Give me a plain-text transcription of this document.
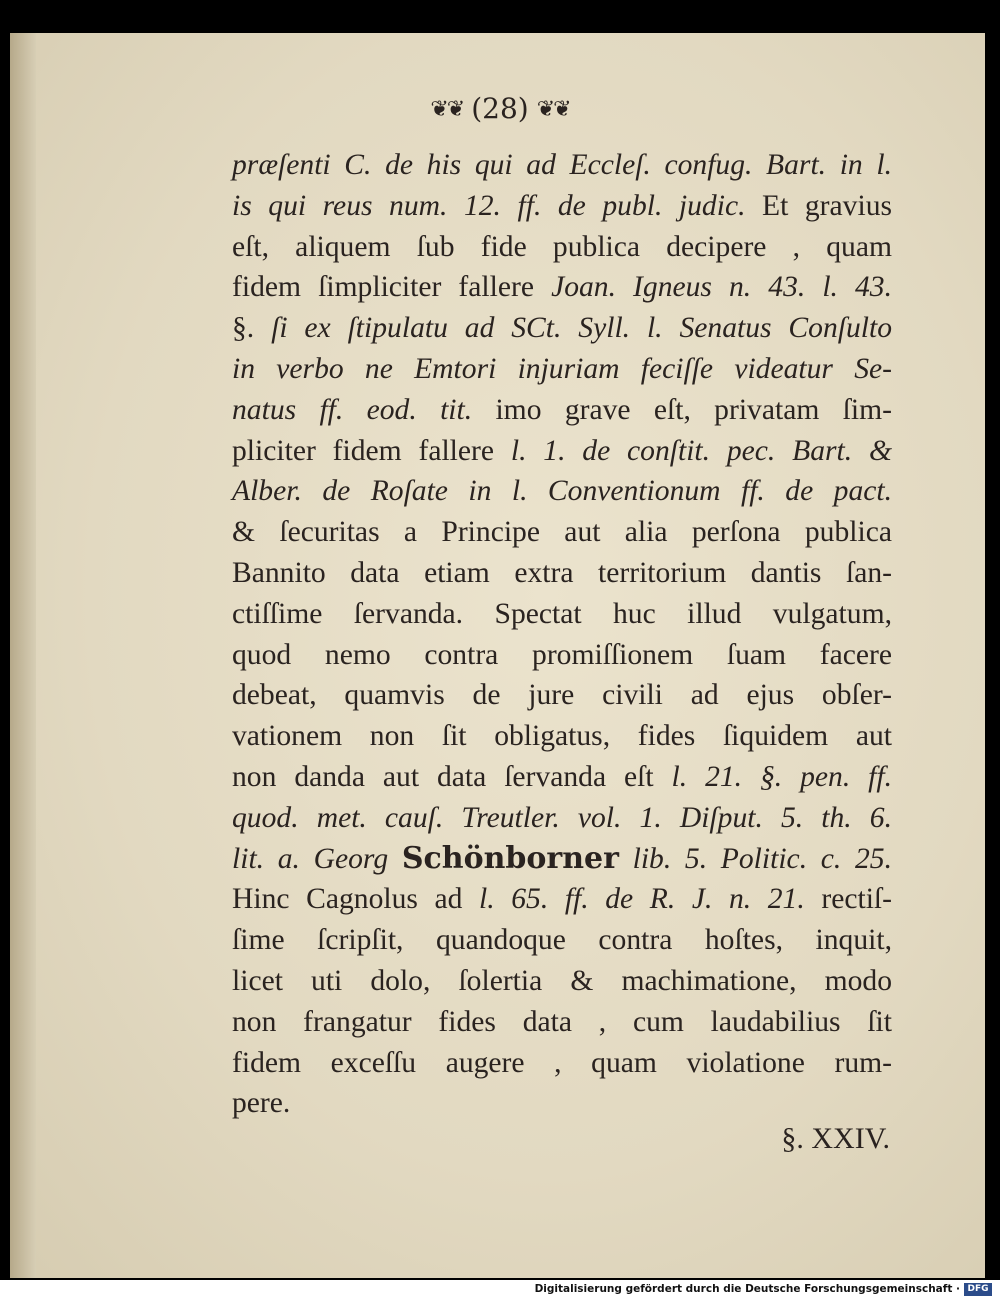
❦❦ (28) ❦❦
præſenti C. de his qui ad Eccleſ. confug. Bart. in l.
is qui reus num. 12. ff. de publ. judic. Et gravius
eſt, aliquem ſub fide publica decipere , quam
fidem ſimpliciter fallere Joan. Igneus n. 43. l. 43.
§. ſi ex ſtipulatu ad SCt. Syll. l. Senatus Conſulto
in verbo ne Emtori injuriam feciſſe videatur Se-
natus ff. eod. tit. imo grave eſt, privatam ſim-
pliciter fidem fallere l. 1. de conſtit. pec. Bart. &
Alber. de Roſate in l. Conventionum ff. de pact.
& ſecuritas a Principe aut alia perſona publica
Bannito data etiam extra territorium dantis ſan-
ctiſſime ſervanda. Spectat huc illud vulgatum,
quod nemo contra promiſſionem ſuam facere
debeat, quamvis de jure civili ad ejus obſer-
vationem non ſit obligatus, fides ſiquidem aut
non danda aut data ſervanda eſt l. 21. §. pen. ff.
quod. met. cauſ. Treutler. vol. 1. Diſput. 5. th. 6.
lit. a. Georg Schönborner lib. 5. Politic. c. 25.
Hinc Cagnolus ad l. 65. ff. de R. J. n. 21. rectiſ-
ſime ſcripſit, quandoque contra hoſtes, inquit,
licet uti dolo, ſolertia & machimatione, modo
non frangatur fides data , cum laudabilius ſit
fidem exceſſu augere , quam violatione rum-
pere.
§. XXIV.
Digitalisierung gefördert durch die Deutsche Forschungsgemeinschaft · DFG
